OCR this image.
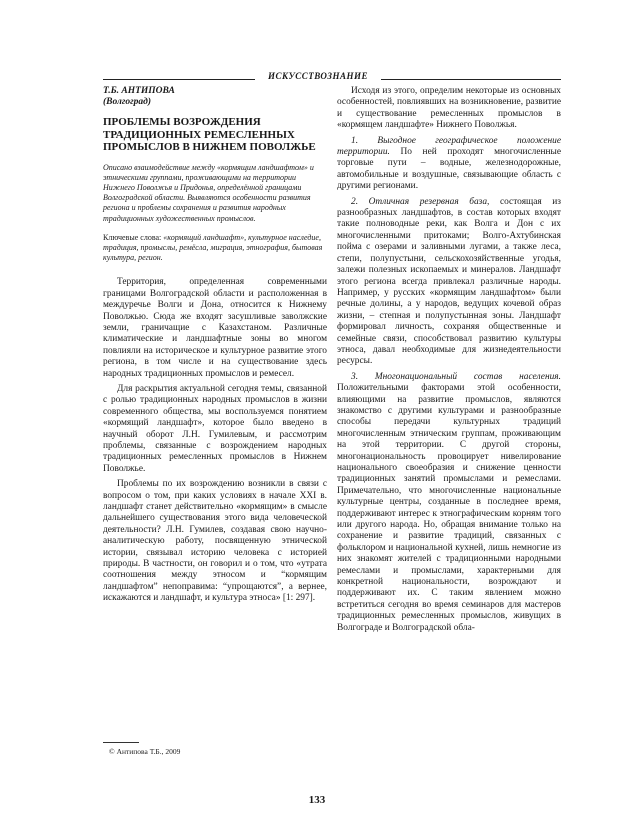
ИСКУССТВОЗНАНИЕ
Т.Б. АНТИПОВА
(Волгоград)
ПРОБЛЕМЫ ВОЗРОЖДЕНИЯ ТРАДИЦИОННЫХ РЕМЕСЛЕННЫХ ПРОМЫСЛОВ В НИЖНЕМ ПОВОЛЖЬЕ
Описано взаимодействие между «кормящим ландшафтом» и этническими группами, проживающими на территории Нижнего Поволжья и Придонья, определённой границами Волгоградской области. Выявляются особенности развития региона и проблемы сохранения и развития народных традиционных художественных промыслов.
Ключевые слова: «кормящий ландшафт», культурное наследие, традиция, промыслы, ремёсла, миграция, этнография, бытовая культура, регион.

Территория, определенная современными границами Волгоградской области и расположенная в междуречье Волги и Дона, относится к Нижнему Поволжью. Сюда же входят засушливые заволжские земли, граничащие с Казахстаном. Различные климатические и ландшафтные зоны во многом повлияли на историческое и культурное развитие этого региона, в том числе и на существование здесь народных традиционных промыслов и ремесел.

Для раскрытия актуальной сегодня темы, связанной с ролью традиционных народных промыслов в жизни современного общества, мы воспользуемся понятием «кормящий ландшафт», которое было введено в научный оборот Л.Н. Гумилевым, и рассмотрим проблемы, связанные с возрождением народных традиционных ремесленных промыслов в Нижнем Поволжье.

Проблемы по их возрождению возникли в связи с вопросом о том, при каких условиях в начале XXI в. ландшафт станет действительно «кормящим» в смысле дальнейшего существования этого вида человеческой деятельности? Л.Н. Гумилев, создавая свою научно-аналитическую работу, посвященную этнической истории, связывал историю человека с историей природы. В частности, он говорил и о том, что «утрата соотношения между этносом и “кормящим ландшафтом” непоправима: “упрощаются”, а вернее, искажаются и ландшафт, и культура этноса» [1: 297].

Исходя из этого, определим некоторые из основных особенностей, повлиявших на возникновение, развитие и существование ремесленных промыслов в «кормящем ландшафте» Нижнего Поволжья.

1. Выгодное географическое положение территории. По ней проходят многочисленные торговые пути – водные, железнодорожные, автомобильные и воздушные, связывающие область с другими регионами.

2. Отличная резервная база, состоящая из разнообразных ландшафтов, в состав которых входят такие полноводные реки, как Волга и Дон с их многочисленными притоками; Волго-Ахтубинская пойма с озерами и заливными лугами, а также леса, степи, полупустыни, сельскохозяйственные угодья, залежи полезных ископаемых и минералов. Ландшафт этого региона всегда привлекал различные народы. Например, у русских «кормящим ландшафтом» были речные долины, а у народов, ведущих кочевой образ жизни, – степная и полупустынная зоны. Ландшафт формировал личность, сохраняя общественные и семейные связи, способствовал развитию культуры этноса, давал необходимые для жизнедеятельности ресурсы.

3. Многонациональный состав населения. Положительными факторами этой особенности, влияющими на развитие промыслов, являются знакомство с другими культурами и разнообразные способы передачи культурных традиций многочисленным этническим группам, проживающим на этой территории. С другой стороны, многонациональность провоцирует нивелирование национального своеобразия и снижение ценности традиционных занятий промыслами и ремеслами. Примечательно, что многочисленные национальные культурные центры, созданные в последнее время, поддерживают интерес к этнографическим корням того или другого народа. Но, обращая внимание только на сохранение и развитие традиций, связанных с фольклором и национальной кухней, лишь немногие из них знакомят жителей с традиционными народными ремеслами и промыслами, характерными для конкретной национальности, возрождают и поддерживают их. С таким явлением можно встретиться сегодня во время семинаров для мастеров традиционных ремесленных промыслов, живущих в Волгограде и Волгоградской обла-

© Антипова Т.Б., 2009
133
